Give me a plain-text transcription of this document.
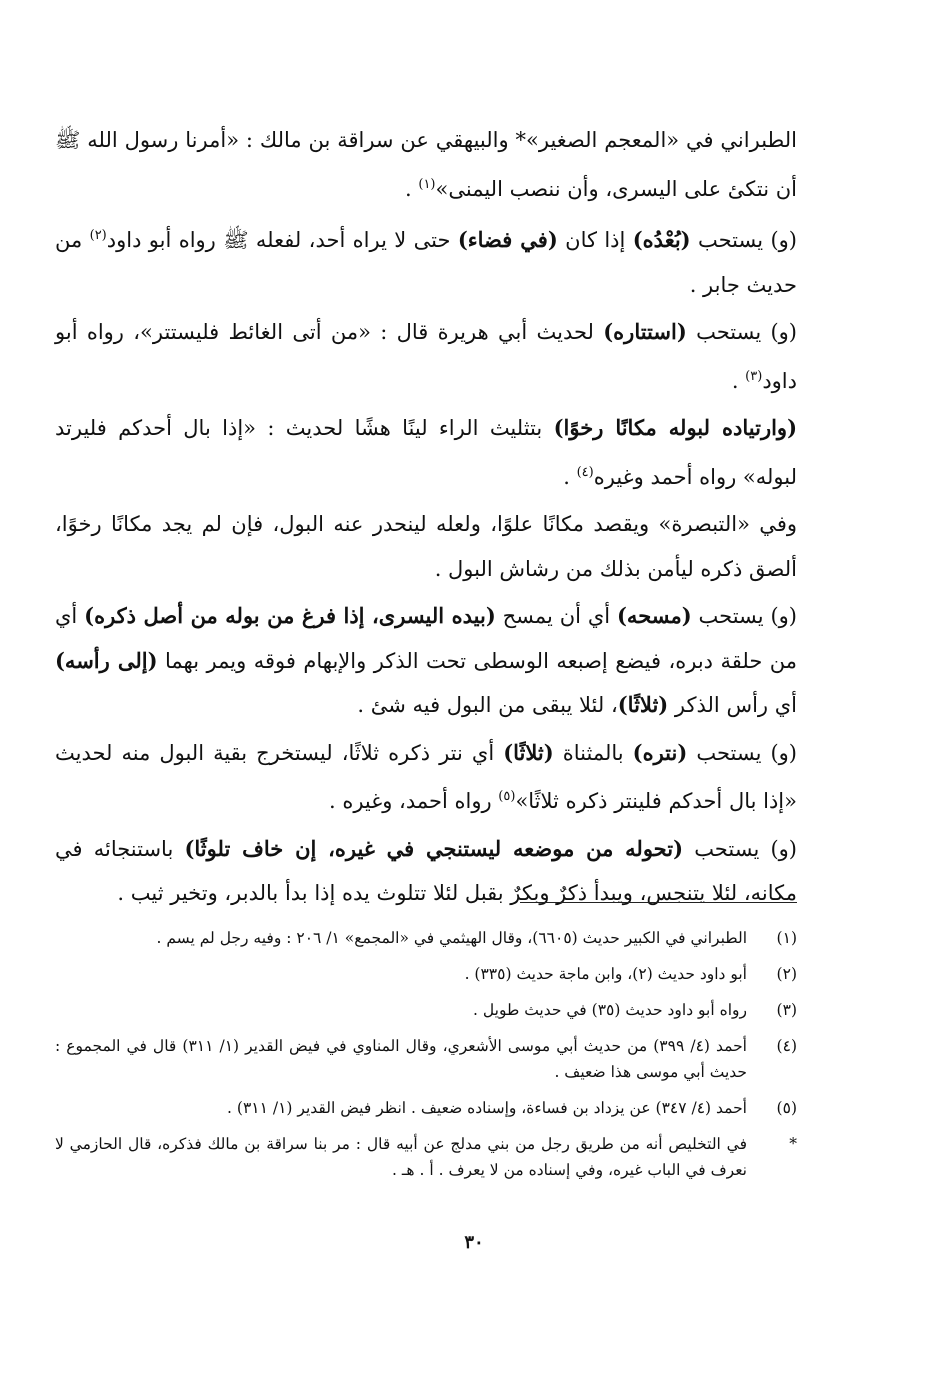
الطبراني في «المعجم الصغير»* والبيهقي عن سراقة بن مالك : «أمرنا رسول الله ﷺ أن نتكئ على اليسرى، وأن ننصب اليمنى»$^{(١)}$ .

(و) يستحب (بُعْدُه) إذا كان (في فضاء) حتى لا يراه أحد، لفعله ﷺ رواه أبو داود$^{(٢)}$ من حديث جابر .

(و) يستحب (استتاره) لحديث أبي هريرة قال : «من أتى الغائط فليستتر»، رواه أبو داود$^{(٣)}$ .

(وارتياده لبوله مكانًا رخوًا) بتثليث الراء لينًا هشًا لحديث : «إذا بال أحدكم فليرتد لبوله» رواه أحمد وغيره$^{(٤)}$ .

وفي «التبصرة» ويقصد مكانًا علوًا، ولعله لينحدر عنه البول، فإن لم يجد مكانًا رخوًا، ألصق ذكره ليأمن بذلك من رشاش البول .

(و) يستحب (مسحه) أي أن يمسح (بيده اليسرى، إذا فرغ من بوله من أصل ذكره) أي من حلقة دبره، فيضع إصبعه الوسطى تحت الذكر والإبهام فوقه ويمر بهما (إلى رأسه) أي رأس الذكر (ثلاثًا)، لئلا يبقى من البول فيه شئ .

(و) يستحب (نتره) بالمثناة (ثلاثًا) أي نتر ذكره ثلاثًا، ليستخرج بقية البول منه لحديث «إذا بال أحدكم فلينتر ذكره ثلاثًا»$^{(٥)}$ رواه أحمد، وغيره .

(و) يستحب (تحوله من موضعه ليستنجي في غيره، إن خاف تلوثًا) باستنجائه في مكانه، لئلا يتنجس، ويبدأ ذكرٌ وبكرٌ بقبل لئلا تتلوث يده إذا بدأ بالدبر، وتخير ثيب .

(١)
الطبراني في الكبير حديث (٦٦٠٥)، وقال الهيثمي في «المجمع» ١/ ٢٠٦ : وفيه رجل لم يسم .
(٢)
أبو داود حديث (٢)، وابن ماجة حديث (٣٣٥) .
(٣)
رواه أبو داود حديث (٣٥) في حديث طويل .
(٤)
أحمد (٤/ ٣٩٩) من حديث أبي موسى الأشعري، وقال المناوي في فيض القدير (١/ ٣١١) قال في المجموع : حديث أبي موسى هذا ضعيف .
(٥)
أحمد (٤/ ٣٤٧) عن يزداد بن فساءة، وإسناده ضعيف . انظر فيض القدير (١/ ٣١١) .
*
في التخليص أنه من طريق رجل من بني مدلج عن أبيه قال : مر بنا سراقة بن مالك فذكره، قال الحازمي لا نعرف في الباب غيره، وفي إسناده من لا يعرف . أ . هـ .
٣٠
